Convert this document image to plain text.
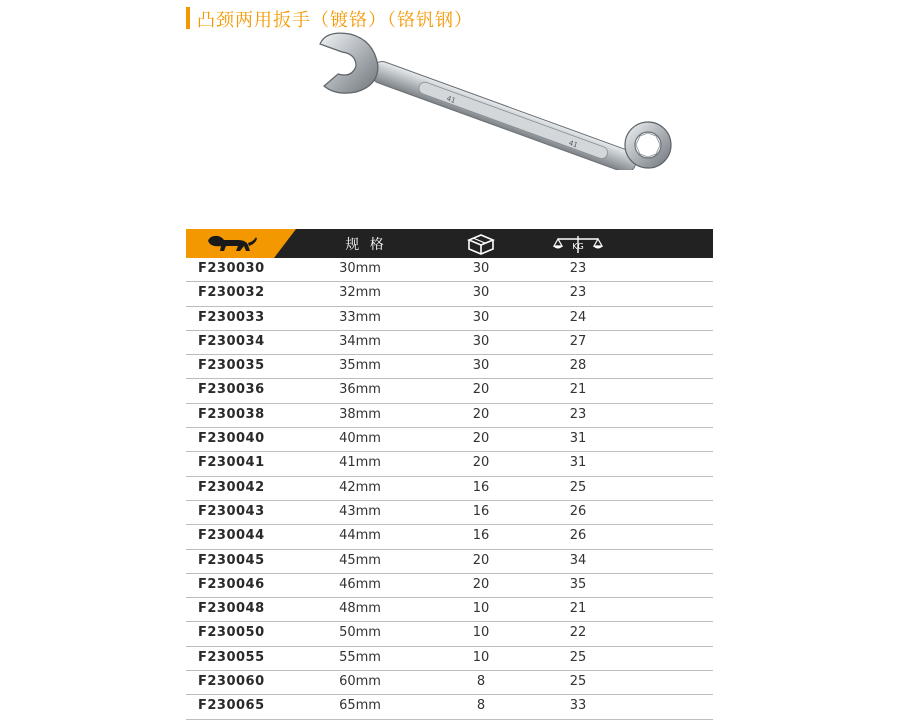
凸颈两用扳手（镀铬）（铬钒钢）
41
41
规 格	KG
F230030	30mm	30	23
F230032	32mm	30	23
F230033	33mm	30	24
F230034	34mm	30	27
F230035	35mm	30	28
F230036	36mm	20	21
F230038	38mm	20	23
F230040	40mm	20	31
F230041	41mm	20	31
F230042	42mm	16	25
F230043	43mm	16	26
F230044	44mm	16	26
F230045	45mm	20	34
F230046	46mm	20	35
F230048	48mm	10	21
F230050	50mm	10	22
F230055	55mm	10	25
F230060	60mm	8	25
F230065	65mm	8	33
